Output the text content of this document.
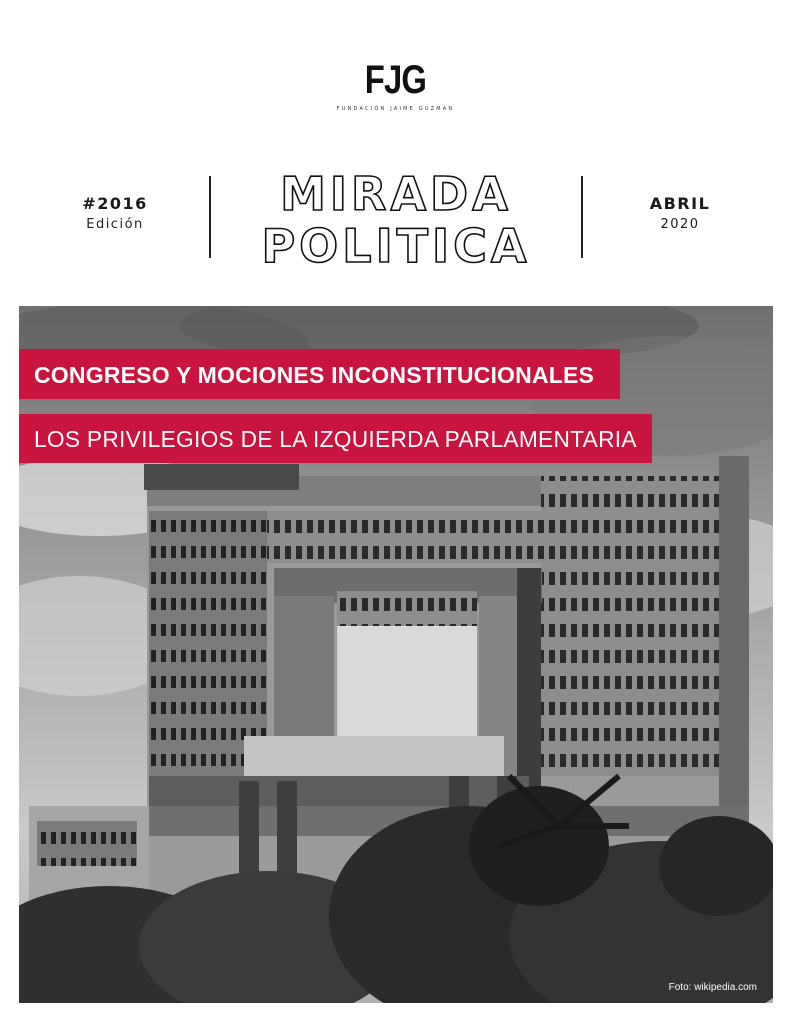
FJG
FUNDACIÓN JAIME GUZMÁN
#2016
Edición
MIRADA
POLITICA
ABRIL
2020
Foto: wikipedia.com
CONGRESO Y MOCIONES INCONSTITUCIONALES
LOS PRIVILEGIOS DE LA IZQUIERDA PARLAMENTARIA
